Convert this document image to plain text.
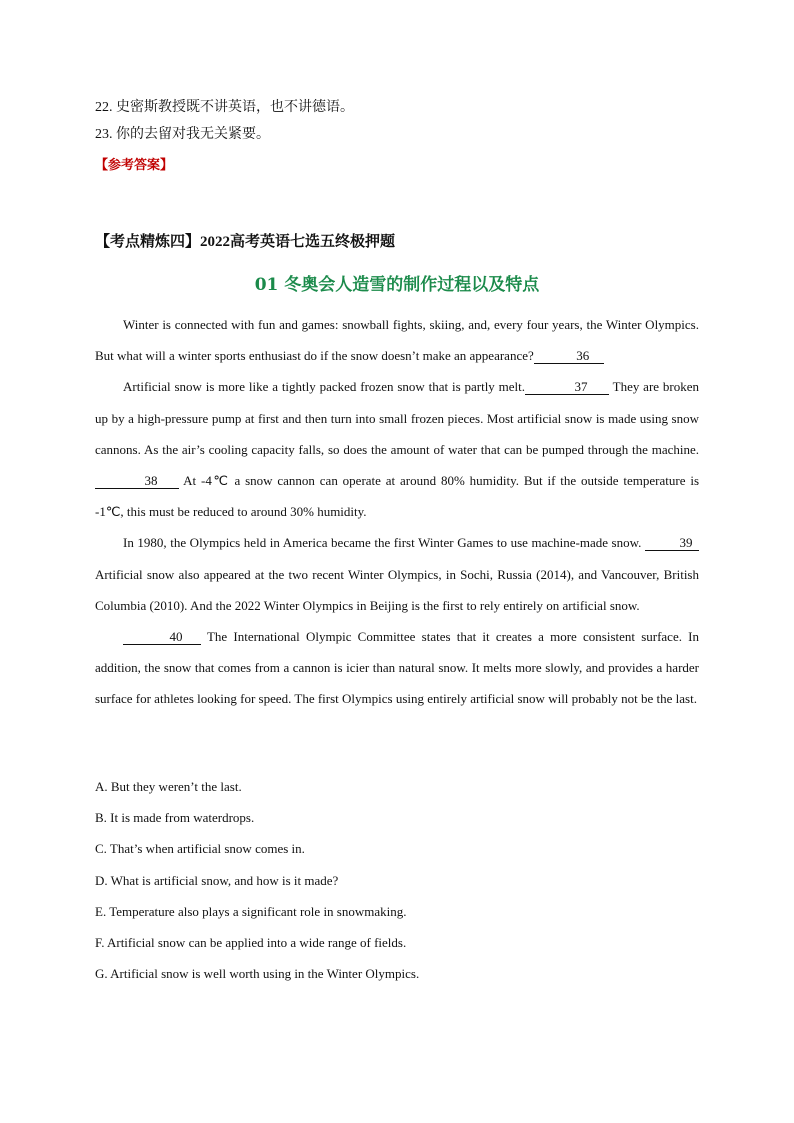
22. 史密斯教授既不讲英语，也不讲德语。
23. 你的去留对我无关紧要。
【参考答案】
【考点精炼四】2022高考英语七选五终极押题
01 冬奥会人造雪的制作过程以及特点

Winter is connected with fun and games: snowball fights, skiing, and, every four years, the Winter Olympics. But what will a winter sports enthusiast do if the snow doesn’t make an appearance?	36

Artificial snow is more like a tightly packed frozen snow that is partly melt.	37 They are broken up by a high-pressure pump at first and then turn into small frozen pieces. Most artificial snow is made using snow cannons. As the air’s cooling capacity falls, so does the amount of water that can be pumped through the machine.38 At -4℃ a snow cannon can operate at around 80% humidity. But if the outside temperature is -1℃, this must be reduced to around 30% humidity.

In 1980, the Olympics held in America became the first Winter Games to use machine-made snow.	39 Artificial snow also appeared at the two recent Winter Olympics, in Sochi, Russia (2014), and Vancouver, British Columbia (2010). And the 2022 Winter Olympics in Beijing is the first to rely entirely on artificial snow.

40 The International Olympic Committee states that it creates a more consistent surface. In addition, the snow that comes from a cannon is icier than natural snow. It melts more slowly, and provides a harder surface for athletes looking for speed. The first Olympics using entirely artificial snow will probably not be the last.

A. But they weren’t the last.
B. It is made from waterdrops.
C. That’s when artificial snow comes in.
D. What is artificial snow, and how is it made?
E. Temperature also plays a significant role in snowmaking.
F. Artificial snow can be applied into a wide range of fields.
G. Artificial snow is well worth using in the Winter Olympics.
